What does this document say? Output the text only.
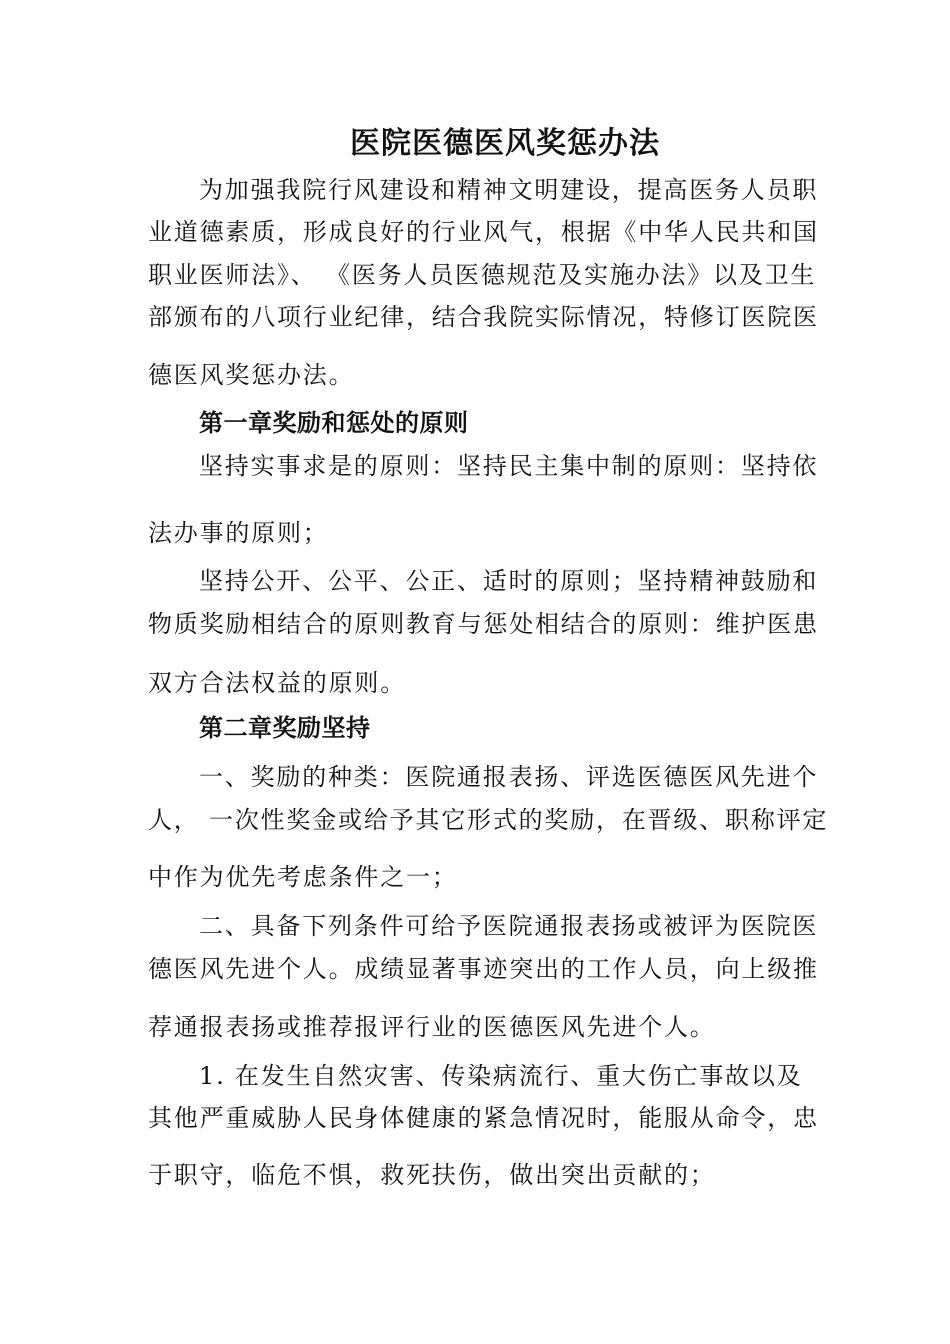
医院医德医风奖惩办法
为加强我院行风建设和精神文明建设，提高医务人员职
业道德素质，形成良好的行业风气，根据《中华人民共和国
职业医师法》、 《医务人员医德规范及实施办法》以及卫生
部颁布的八项行业纪律，结合我院实际情况，特修订医院医
德医风奖惩办法。
第一章奖励和惩处的原则
坚持实事求是的原则：坚持民主集中制的原则：坚持依
法办事的原则；
坚持公开、公平、公正、适时的原则；坚持精神鼓励和
物质奖励相结合的原则教育与惩处相结合的原则：维护医患
双方合法权益的原则。
第二章奖励坚持
一、奖励的种类：医院通报表扬、评选医德医风先进个
人， 一次性奖金或给予其它形式的奖励，在晋级、职称评定
中作为优先考虑条件之一；
二、具备下列条件可给予医院通报表扬或被评为医院医
德医风先进个人。成绩显著事迹突出的工作人员，向上级推
荐通报表扬或推荐报评行业的医德医风先进个人。
1. 在发生自然灾害、传染病流行、重大伤亡事故以及
其他严重威胁人民身体健康的紧急情况时，能服从命令，忠
于职守，临危不惧，救死扶伤，做出突出贡献的；
